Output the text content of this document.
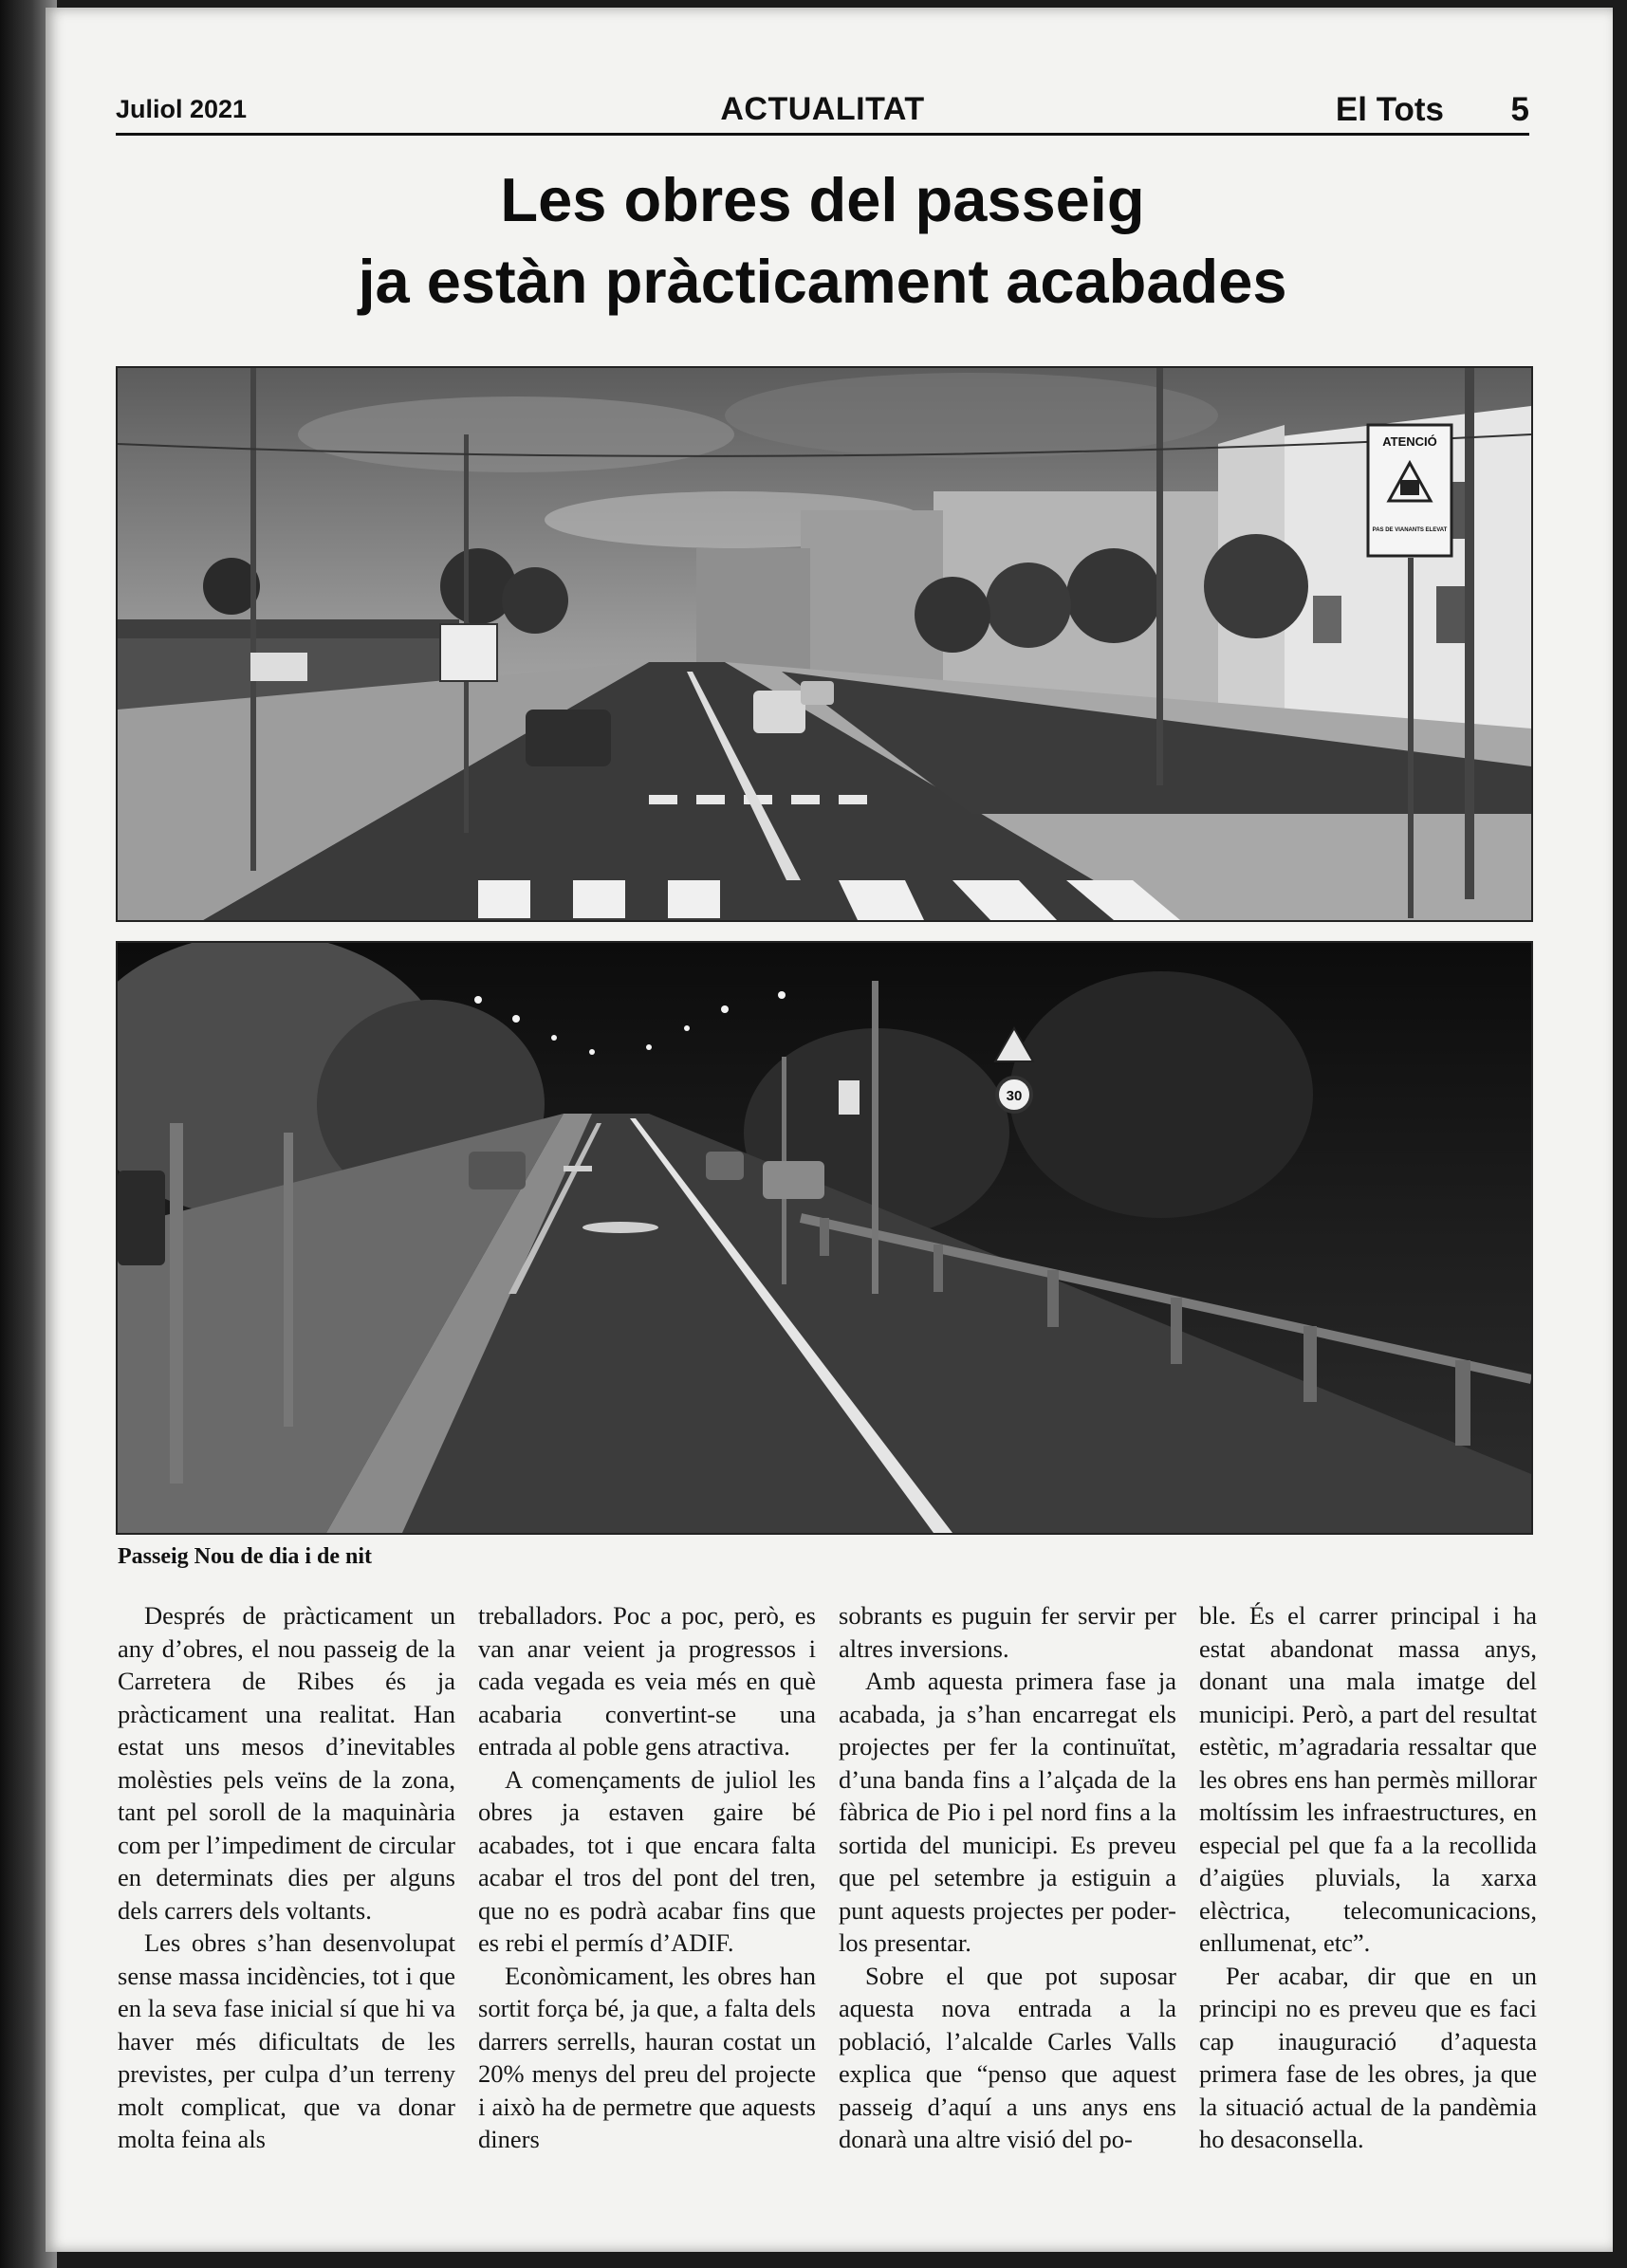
Juliol 2021	ACTUALITAT	El Tots 5
Les obres del passeig
ja estàn pràcticament acabades
ATENCIÓ
PAS DE VIANANTS ELEVAT
30
Passeig Nou de dia i de nit

Després de pràcticament un any d’obres, el nou passeig de la Carretera de Ribes és ja pràcticament una realitat. Han estat uns mesos d’inevitables molèsties pels veïns de la zona, tant pel soroll de la maquinària com per l’impediment de circular en determinats dies per alguns dels carrers dels voltants.

Les obres s’han desenvolupat sense massa incidències, tot i que en la seva fase inicial sí que hi va haver més dificultats de les previstes, per culpa d’un terreny molt complicat, que va donar molta feina als

treballadors. Poc a poc, però, es van anar veient ja progressos i cada vegada es veia més en què acabaria convertint-se una entrada al poble gens atractiva.

A començaments de juliol les obres ja estaven gaire bé acabades, tot i que encara falta acabar el tros del pont del tren, que no es podrà acabar fins que es rebi el permís d’ADIF.

Econòmicament, les obres han sortit força bé, ja que, a falta dels darrers serrells, hauran costat un 20% menys del preu del projecte i això ha de permetre que aquests diners

sobrants es puguin fer servir per altres inversions.

Amb aquesta primera fase ja acabada, ja s’han encarregat els projectes per fer la continuïtat, d’una banda fins a l’alçada de la fàbrica de Pio i pel nord fins a la sortida del municipi. Es preveu que pel setembre ja estiguin a punt aquests projectes per poder-los presentar.

Sobre el que pot suposar aquesta nova entrada a la població, l’alcalde Carles Valls explica que “penso que aquest passeig d’aquí a uns anys ens donarà una altre visió del po-

ble. És el carrer principal i ha estat abandonat massa anys, donant una mala imatge del municipi. Però, a part del resultat estètic, m’agradaria ressaltar que les obres ens han permès millorar moltíssim les infraestructures, en especial pel que fa a la recollida d’aigües pluvials, la xarxa elèctrica, telecomunicacions, enllumenat, etc”.

Per acabar, dir que en un principi no es preveu que es faci cap inauguració d’aquesta primera fase de les obres, ja que la situació actual de la pandèmia ho desaconsella.
